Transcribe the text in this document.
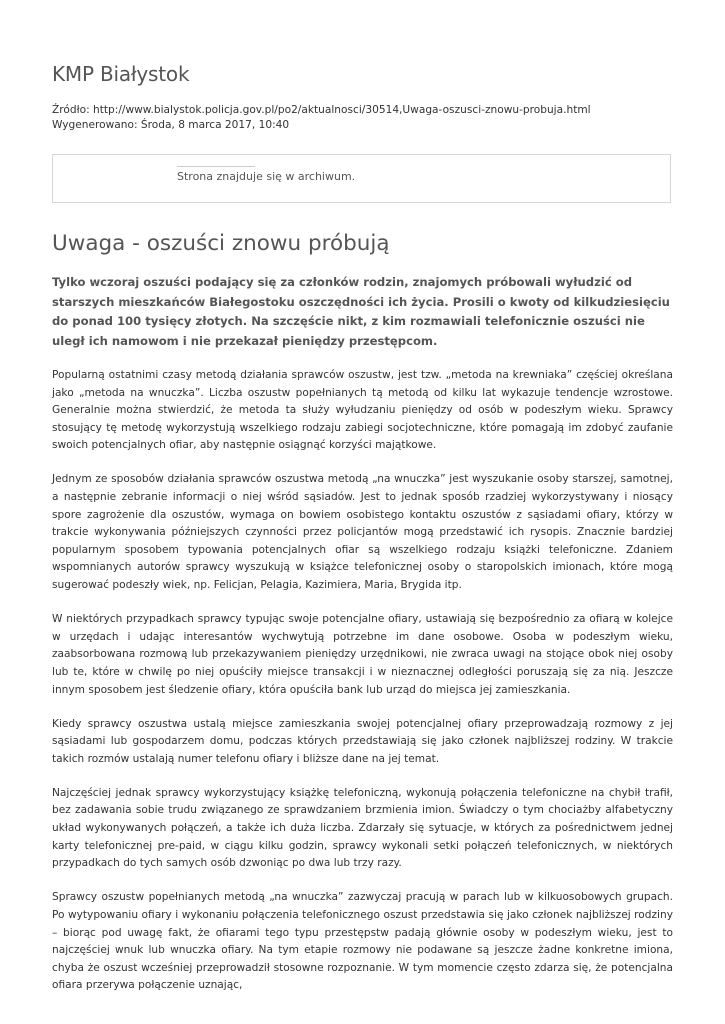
KMP Białystok
Źródło: http://www.bialystok.policja.gov.pl/po2/aktualnosci/30514,Uwaga-oszusci-znowu-probuja.html
Wygenerowano: Środa, 8 marca 2017, 10:40
Strona znajduje się w archiwum.
Uwaga - oszuści znowu próbują

Tylko wczoraj oszuści podający się za członków rodzin, znajomych próbowali wyłudzić od starszych mieszkańców Białegostoku oszczędności ich życia. Prosili o kwoty od kilkudziesięciu do ponad 100 tysięcy złotych. Na szczęście nikt, z kim rozmawiali telefonicznie oszuści nie uległ ich namowom i nie przekazał pieniędzy przestępcom.

Popularną ostatnimi czasy metodą działania sprawców oszustw, jest tzw. „metoda na krewniaka” częściej określana jako „metoda na wnuczka”. Liczba oszustw popełnianych tą metodą od kilku lat wykazuje tendencje wzrostowe. Generalnie można stwierdzić, że metoda ta służy wyłudzaniu pieniędzy od osób w podeszłym wieku. Sprawcy stosujący tę metodę wykorzystują wszelkiego rodzaju zabiegi socjotechniczne, które pomagają im zdobyć zaufanie swoich potencjalnych ofiar, aby następnie osiągnąć korzyści majątkowe.

Jednym ze sposobów działania sprawców oszustwa metodą „na wnuczka” jest wyszukanie osoby starszej, samotnej, a następnie zebranie informacji o niej wśród sąsiadów. Jest to jednak sposób rzadziej wykorzystywany i niosący spore zagrożenie dla oszustów, wymaga on bowiem osobistego kontaktu oszustów z sąsiadami ofiary, którzy w trakcie wykonywania późniejszych czynności przez policjantów mogą przedstawić ich rysopis. Znacznie bardziej popularnym sposobem typowania potencjalnych ofiar są wszelkiego rodzaju książki telefoniczne. Zdaniem wspomnianych autorów sprawcy wyszukują w książce telefonicznej osoby o staropolskich imionach, które mogą sugerować podeszły wiek, np. Felicjan, Pelagia, Kazimiera, Maria, Brygida itp.

W niektórych przypadkach sprawcy typując swoje potencjalne ofiary, ustawiają się bezpośrednio za ofiarą w kolejce w urzędach i udając interesantów wychwytują potrzebne im dane osobowe. Osoba w podeszłym wieku, zaabsorbowana rozmową lub przekazywaniem pieniędzy urzędnikowi, nie zwraca uwagi na stojące obok niej osoby lub te, które w chwilę po niej opuściły miejsce transakcji i w nieznacznej odległości poruszają się za nią. Jeszcze innym sposobem jest śledzenie ofiary, która opuściła bank lub urząd do miejsca jej zamieszkania.

Kiedy sprawcy oszustwa ustalą miejsce zamieszkania swojej potencjalnej ofiary przeprowadzają rozmowy z jej sąsiadami lub gospodarzem domu, podczas których przedstawiają się jako członek najbliższej rodziny. W trakcie takich rozmów ustalają numer telefonu ofiary i bliższe dane na jej temat.

Najczęściej jednak sprawcy wykorzystujący książkę telefoniczną, wykonują połączenia telefoniczne na chybił trafił, bez zadawania sobie trudu związanego ze sprawdzaniem brzmienia imion. Świadczy o tym chociażby alfabetyczny układ wykonywanych połączeń, a także ich duża liczba. Zdarzały się sytuacje, w których za pośrednictwem jednej karty telefonicznej pre-paid, w ciągu kilku godzin, sprawcy wykonali setki połączeń telefonicznych, w niektórych przypadkach do tych samych osób dzwoniąc po dwa lub trzy razy.

Sprawcy oszustw popełnianych metodą „na wnuczka” zazwyczaj pracują w parach lub w kilkuosobowych grupach. Po wytypowaniu ofiary i wykonaniu połączenia telefonicznego oszust przedstawia się jako członek najbliższej rodziny – biorąc pod uwagę fakt, że ofiarami tego typu przestępstw padają głównie osoby w podeszłym wieku, jest to najczęściej wnuk lub wnuczka ofiary. Na tym etapie rozmowy nie podawane są jeszcze żadne konkretne imiona, chyba że oszust wcześniej przeprowadził stosowne rozpoznanie. W tym momencie często zdarza się, że potencjalna ofiara przerywa połączenie uznając,
